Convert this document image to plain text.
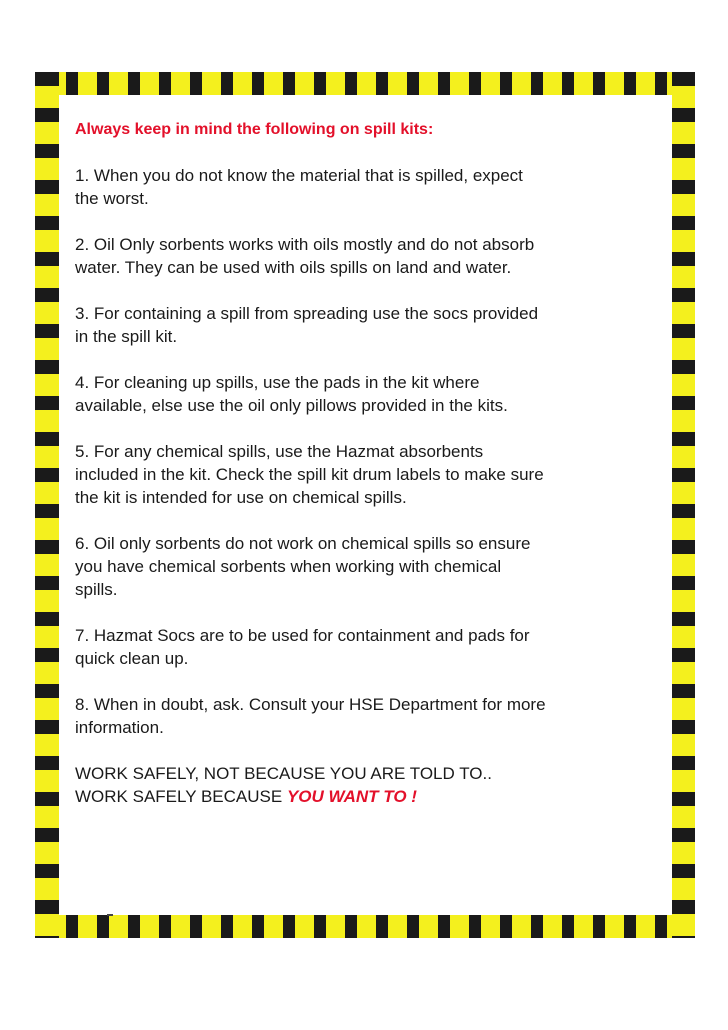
Always keep in mind the following on spill kits:

1. When you do not know the material that is spilled, expect
the worst.

2. Oil Only sorbents works with oils mostly and do not absorb
water. They can be used with oils spills on land and water.

3. For containing a spill from spreading use the socs provided
in the spill kit.

4. For cleaning up spills, use the pads in the kit where
available, else use the oil only pillows provided in the kits.

5. For any chemical spills, use the Hazmat absorbents
included in the kit. Check the spill kit drum labels to make sure
the kit is intended for use on chemical spills.

6. Oil only sorbents do not work on chemical spills so ensure
you have chemical sorbents when working with chemical
spills.

7. Hazmat Socs are to be used for containment and pads for
quick clean up.

8. When in doubt, ask. Consult your HSE Department for more
information.

WORK SAFELY, NOT BECAUSE YOU ARE TOLD TO..
WORK SAFELY BECAUSE YOU WANT TO !
